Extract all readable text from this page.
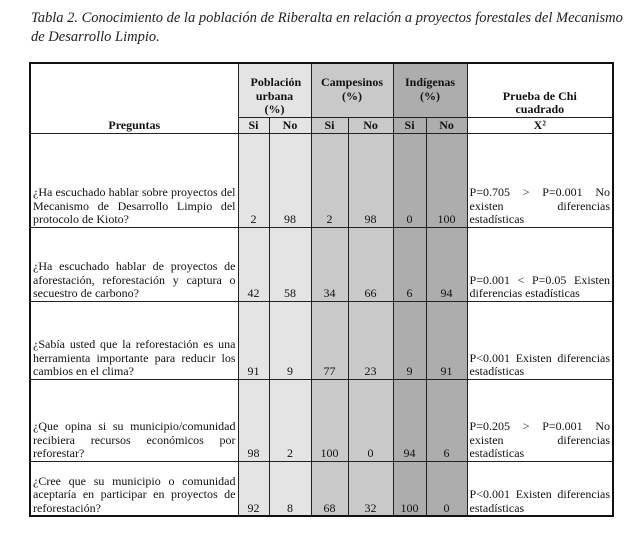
Tabla 2. Conocimiento de la población de Riberalta en relación a proyectos forestales del Mecanismo de Desarrollo Limpio.
	Población urbana (%)		Campesinos (%)		Indígenas (%)		Prueba de Chi cuadrado
Preguntas	Si	No	Si	No	Si	No	X²
¿Ha escuchado hablar sobre proyectos del Mecanismo de Desarrollo Limpio del protocolo de Kioto?	2	98	2	98	0	100	P=0.705 > P=0.001 No existen diferencias estadísticas
¿Ha escuchado hablar de proyectos de aforestación, reforestación y captura o secuestro de carbono?	42	58	34	66	6	94	P=0.001 < P=0.05 Existen diferencias estadísticas
¿Sabía usted que la reforestación es una herramienta importante para reducir los cambios en el clima?	91	9	77	23	9	91	P<0.001 Existen diferencias estadísticas
¿Que opina si su municipio/comunidad recibiera recursos económicos por reforestar?	98	2	100	0	94	6	P=0.205 > P=0.001 No existen diferencias estadísticas
¿Cree que su municipio o comunidad aceptaría en participar en proyectos de reforestación?	92	8	68	32	100	0	P<0.001 Existen diferencias estadísticas
